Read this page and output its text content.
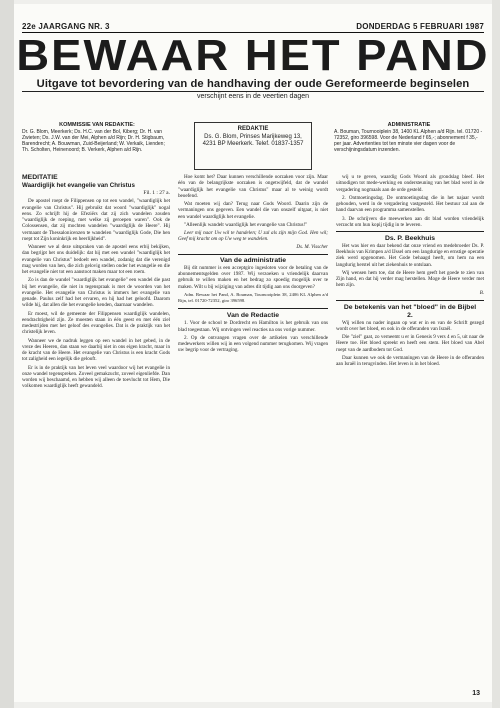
22e JAARGANG NR. 3	DONDERDAG 5 FEBRUARI 1987
BEWAAR HET PAND
Uitgave tot bevordering van de handhaving der oude Gereformeerde beginselen
verschijnt eens in de veertien dagen
KOMMISSIE VAN REDAKTIE:
Dr. G. Blom, Meerkerk; Ds. H.C. van der Bol, Kiberg; Dr. H. van Zwieten; Ds. J.W. van der Mei, Alphen a/d Rijn; Dr. H. Stigbaum, Barendrecht; A. Bouwman, Zuid-Beijerland; W. Verkaik, Lienden; Th. Scholten, Heinenoord; B. Verkerk, Alphen a/d Rijn.
REDAKTIE
Ds. G. Blom, Prinses Marijkeweg 13,
4231 BP Meerkerk. Telef. 01837-1357
ADMINISTRATIE
A. Bouman, Tournooiplein 38, 1400 KL Alphen a/d Rijn. tel. 01720 - 72352, giro 396598. Voor de Nederland f 65,-; abonnement f 35,- per jaar. Advertenties tot ten minste vier dagen voor de verschijningsdatum inzenden.
MEDITATIE
Waardiglijk het evangelie van Christus
Fil. 1 : 27 a.

De apostel roept de Filippensen op tot een wandel, "waardiglijk het evangelie van Christus". Hij gebruikt dat woord "waardiglijk" nogal eens. Zo schrijft hij de Efeziërs dat zij zich wandelen zouden "waardiglijk de roeping, met welke zij geroepen waren". Ook de Colossensen, dat zij mochten wandelen "waardiglijk de Heere". Hij vermaant de Thessalonicenzen te wandelen "waardiglijk Gode, Die hen roept tot Zijn koninkrijk en heerlijkheid".

Wanneer we al deze uitspraken van de apostel eens erbij bekijken, dan begrijpt het ons duidelijk: dat hij met een wandel "waardiglijk het evangelie van Christus" bedoelt een wandel, zodanig dat die verenigd mag worden van hen, die zich gelovig stellen onder het evangelie en die het evangelie niet tot een aanstoot maken maar tot een roem.

Zo is dan de wandel "waardiglijk het evangelie" een wandel die past bij het evangelie, die niet in tegenspraak is met de woorden van het evangelie. Het evangelie van Christus is immers het evangelie van genade. Paulus zelf had het ervaren, en hij had het geloofd. Daarom wilde hij, dat allen die het evangelie kenden, daarnaar wandelen.

Er moest, wil de gemeente der Filippensen waardiglijk wandelen, eendrachtigheid zijn. Ze moesten staan in één geest en met één ziel medestrijden met het geloof des evangelies. Dat is de praktijk van het christelijk leven.

Wanneer we de nadruk leggen op een wandel in het gebed, in de vreze des Heeren, dan staan we daarbij niet in ons eigen kracht, maar in de kracht van de Heere. Het evangelie van Christus is een kracht Gods tot zaligheid een iegelijk die gelooft.

Er is in de praktijk van het leven veel waardoor wij het evangelie in onze wandel tegenspreken. Zoveel gemakzucht, zoveel eigenliefde. Dan worden wij beschaamd, en hebben wij alleen de toevlucht tot Hem, Die volkomen waardiglijk heeft gewandeld.

Hoe komt het? Daar kunnen verschillende oorzaken voor zijn. Maar één van de belangrijkste oorzaken is ongetwijfeld, dat de wandel "waardiglijk het evangelie van Christus" maar al te weinig wordt beoefend.

Wat moeten wij dan? Terug naar Gods Woord. Daarin zijn de vermaningen ons gegeven. Een wandel die van onszelf uitgaat, is niet een wandel waardiglijk het evangelie.

"Alleenlijk wandelt waardiglijk het evangelie van Christus!"

Leer mij naar Uw wil te handelen; U zal als zijn mijn God. Hen wil; Geef mij kracht om op Uw weg te wandelen.

Ds. M. Visscher
Van de administratie

Bij dit nummer is een acceptgiro ingesloten voor de betaling van de abonnementsgelden over 1987. Wij verzoeken u vriendelijk daarvan gebruik te willen maken en het bedrag zo spoedig mogelijk over te maken. Wilt u bij wijziging van adres dit tijdig aan ons doorgeven?

Adm. Bewaar het Pand, A. Bouman, Tournooiplein 38, 2406 KL Alphen a/d Rijn, tel. 01720-72352, giro 396598.

Van de Redactie

1. Voor de school te Dordrecht en Hamilton is het gebruik van ons blad toegestaan. Wij ontvingen veel reacties na ons vorige nummer.

2. Op de ontvangen vragen over de artikelen van verschillende medewerkers willen wij in een volgend nummer terugkomen. Wij vragen uw begrip voor de vertraging.

wij u te geven, waardig Gods Woord als grondslag bleef. Het uitnodigen tot mede-werking en ondersteuning van het blad werd in de vergadering nogmaals aan de orde gesteld.

2. Ontmoetingsdag. De ontmoetingsdag die in het najaar wordt gehouden, werd in de vergadering vastgesteld. Het bestuur zal aan de hand daarvan een programma samenstellen.

3. De schrijvers die meewerken aan dit blad worden vriendelijk verzocht om hun kopij tijdig in te leveren.

Ds. P. Beekhuis

Het was hier en daar bekend dat onze vriend en medebroeder Ds. P. Beekhuis van Krimpen a/d IJssel om een langdurige en ernstige operatie ziek werd opgenomen. Het Gode behaagd heeft, om hem na een langdurig herstel uit het ziekenhuis te ontslaan.

Wij wensen hem toe, dat de Heere hem geeft het goede te zien van Zijn hand, en dat hij verder mag herstellen. Moge de Heere verder met hem zijn.

B.
De betekenis van het "bloed" in de Bijbel
2.

Wij willen nu nader ingaan op wat er in en van de Schrift gezegd wordt over het bloed, en ook in de offeranden van Israël.

Die "ziel" gaat, zo verneemt u er in Genesis 9 vers 4 en 5, uit naar de Heere toe. Het bloed spreekt en heeft een stem. Het bloed van Abel roept van de aardbodem tot God.

Daar kunnen we ook de vermaningen van de Heere in de offeranden aan Israël in terugvinden. Het leven is in het bloed.

13
